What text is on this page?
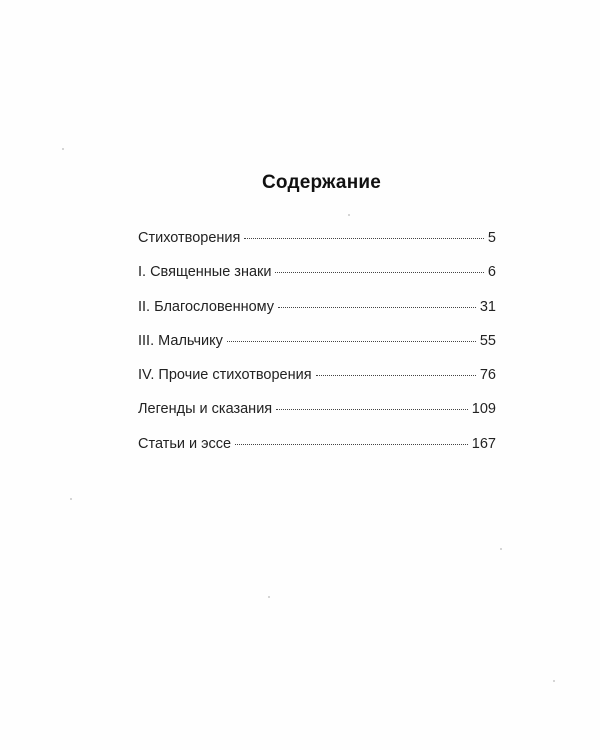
Содержание
Стихотворения	5
I. Священные знаки	6
II. Благословенному	31
III. Мальчику	55
IV. Прочие стихотворения	76
Легенды и сказания	109
Статьи и эссе	167
